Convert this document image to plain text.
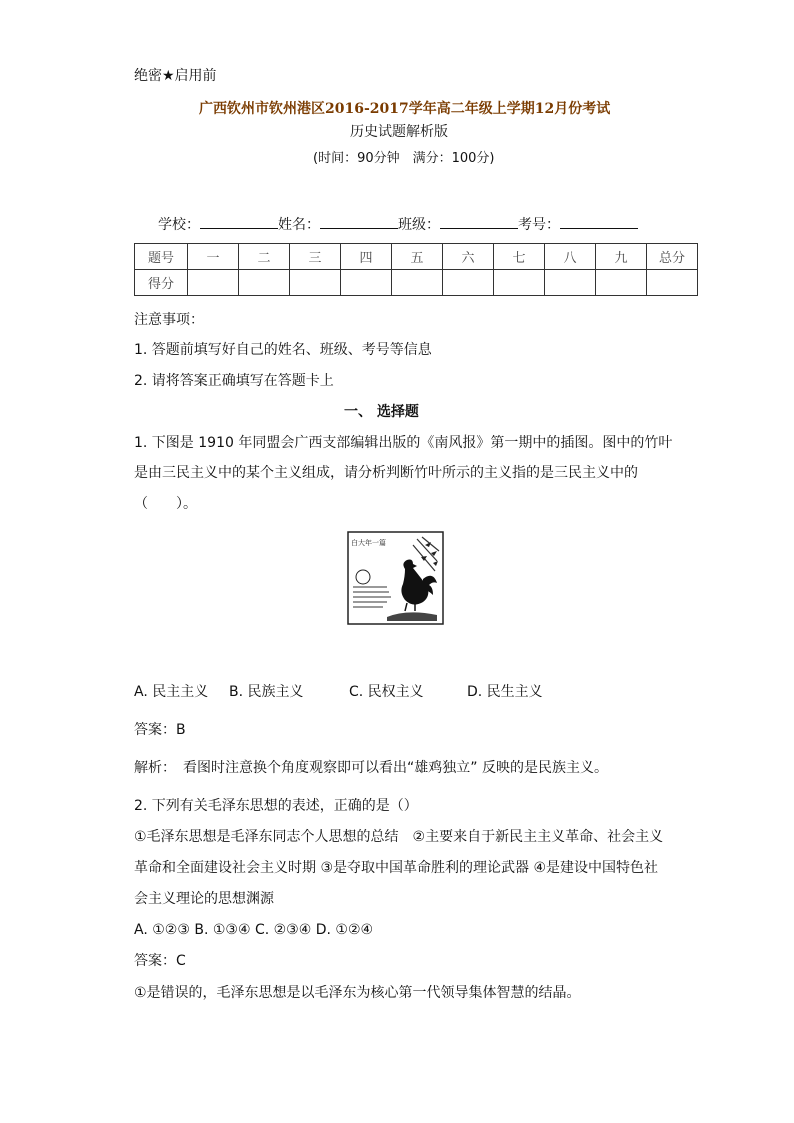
绝密★启用前
广西钦州市钦州港区2016-2017学年高二年级上学期12月份考试
历史试题解析版
(时间：90分钟　满分：100分)
学校：	姓名：	班级：	考号：
题号	一	二	三	四	五	六	七	八	九	总分
得分										
注意事项：
1. 答题前填写好自己的姓名、班级、考号等信息
2. 请将答案正确填写在答题卡上
一、 选择题
1. 下图是 1910 年同盟会广西支部编辑出版的《南风报》第一期中的插图。图中的竹叶
是由三民主义中的某个主义组成，请分析判断竹叶所示的主义指的是三民主义中的
（　　）。
白大年一篇
A. 民主主义 B. 民族主义	C. 民权主义	D. 民生主义
答案：B
解析：　看图时注意换个角度观察即可以看出“雄鸡独立” 反映的是民族主义。
2. 下列有关毛泽东思想的表述，正确的是（）
①毛泽东思想是毛泽东同志个人思想的总结　②主要来自于新民主主义革命、社会主义
革命和全面建设社会主义时期 ③是夺取中国革命胜利的理论武器 ④是建设中国特色社
会主义理论的思想渊源
A. ①②③ B. ①③④ C. ②③④ D. ①②④
答案：C
①是错误的，毛泽东思想是以毛泽东为核心第一代领导集体智慧的结晶。
